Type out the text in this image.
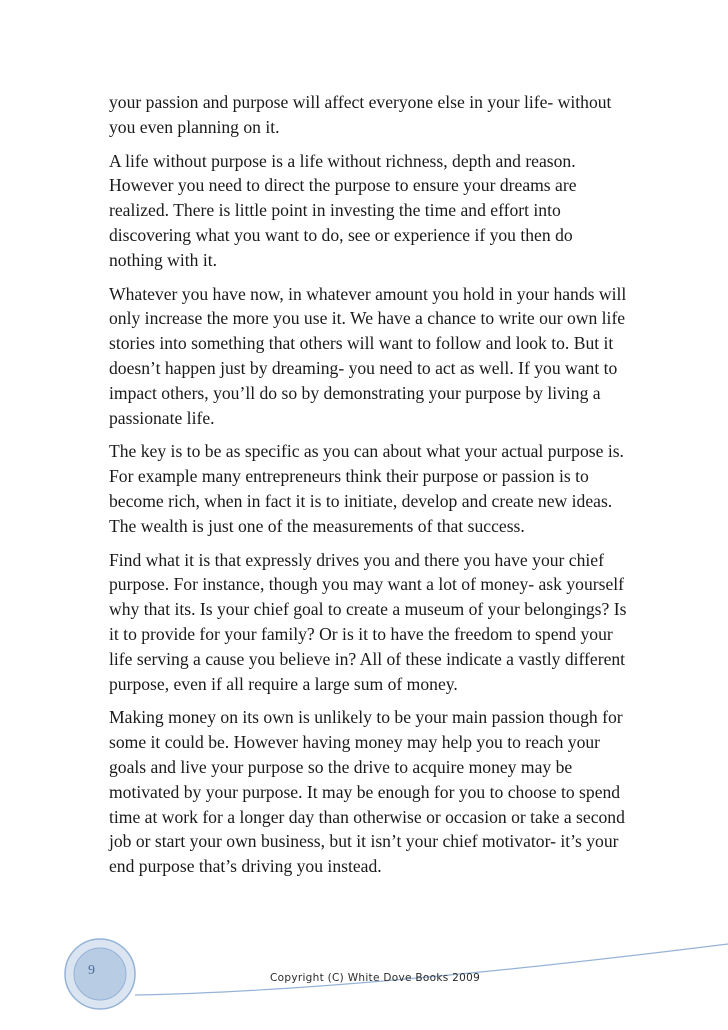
your passion and purpose will affect everyone else in your life- without you even planning on it.

A life without purpose is a life without richness, depth and reason. However you need to direct the purpose to ensure your dreams are realized. There is little point in investing the time and effort into discovering what you want to do, see or experience if you then do nothing with it.

Whatever you have now, in whatever amount you hold in your hands will only increase the more you use it. We have a chance to write our own life stories into something that others will want to follow and look to. But it doesn’t happen just by dreaming- you need to act as well. If you want to impact others, you’ll do so by demonstrating your purpose by living a passionate life.

The key is to be as specific as you can about what your actual purpose is. For example many entrepreneurs think their purpose or passion is to become rich, when in fact it is to initiate, develop and create new ideas. The wealth is just one of the measurements of that success.

Find what it is that expressly drives you and there you have your chief purpose. For instance, though you may want a lot of money- ask yourself why that its. Is your chief goal to create a museum of your belongings? Is it to provide for your family? Or is it to have the freedom to spend your life serving a cause you believe in? All of these indicate a vastly different purpose, even if all require a large sum of money.

Making money on its own is unlikely to be your main passion though for some it could be. However having money may help you to reach your goals and live your purpose so the drive to acquire money may be motivated by your purpose. It may be enough for you to choose to spend time at work for a longer day than otherwise or occasion or take a second job or start your own business, but it isn’t your chief motivator- it’s your end purpose that’s driving you instead.

9	Copyright (C) White Dove Books 2009
